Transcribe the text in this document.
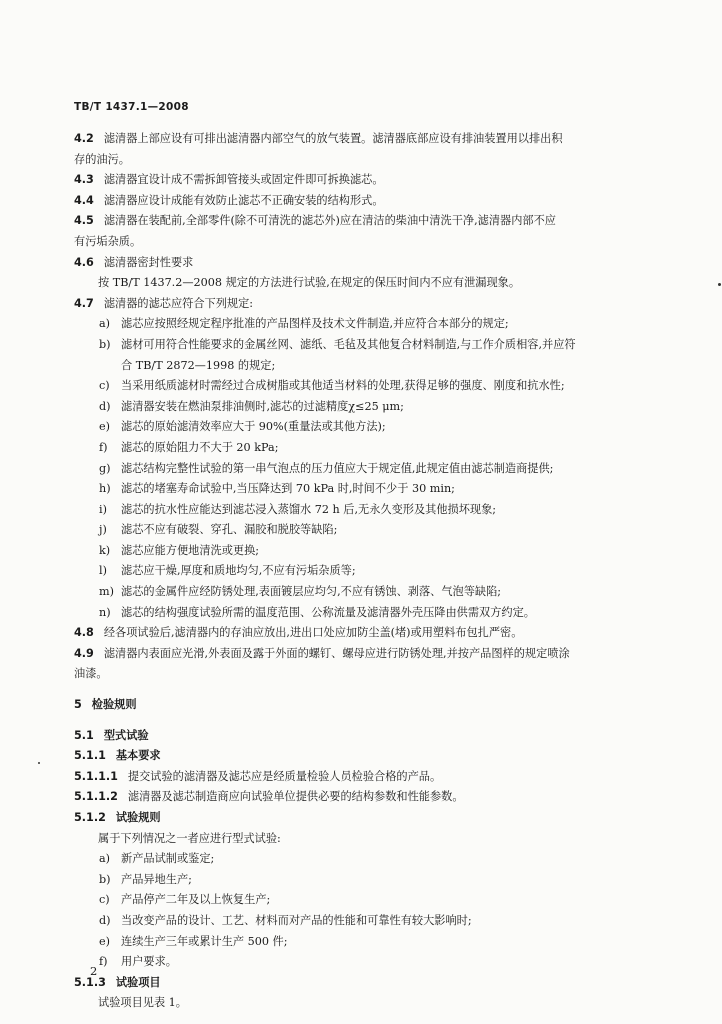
TB/T 1437.1—2008
4.2 滤清器上部应设有可排出滤清器内部空气的放气装置。滤清器底部应设有排油装置用以排出积
存的油污。
4.3 滤清器宜设计成不需拆卸管接头或固定件即可拆换滤芯。
4.4 滤清器应设计成能有效防止滤芯不正确安装的结构形式。
4.5 滤清器在装配前,全部零件(除不可清洗的滤芯外)应在清洁的柴油中清洗干净,滤清器内部不应
有污垢杂质。
4.6 滤清器密封性要求
按 TB/T 1437.2—2008 规定的方法进行试验,在规定的保压时间内不应有泄漏现象。
4.7 滤清器的滤芯应符合下列规定:
a) 滤芯应按照经规定程序批准的产品图样及技术文件制造,并应符合本部分的规定;
b) 滤材可用符合性能要求的金属丝网、滤纸、毛毡及其他复合材料制造,与工作介质相容,并应符
合 TB/T 2872—1998 的规定;
c) 当采用纸质滤材时需经过合成树脂或其他适当材料的处理,获得足够的强度、刚度和抗水性;
d) 滤清器安装在燃油泵排油侧时,滤芯的过滤精度χ≤25 μm;
e) 滤芯的原始滤清效率应大于 90%(重量法或其他方法);
f) 滤芯的原始阻力不大于 20 kPa;
g) 滤芯结构完整性试验的第一串气泡点的压力值应大于规定值,此规定值由滤芯制造商提供;
h) 滤芯的堵塞寿命试验中,当压降达到 70 kPa 时,时间不少于 30 min;
i) 滤芯的抗水性应能达到滤芯浸入蒸馏水 72 h 后,无永久变形及其他损坏现象;
j) 滤芯不应有破裂、穿孔、漏胶和脱胶等缺陷;
k) 滤芯应能方便地清洗或更换;
l) 滤芯应干燥,厚度和质地均匀,不应有污垢杂质等;
m) 滤芯的金属件应经防锈处理,表面镀层应均匀,不应有锈蚀、剥落、气泡等缺陷;
n) 滤芯的结构强度试验所需的温度范围、公称流量及滤清器外壳压降由供需双方约定。
4.8 经各项试验后,滤清器内的存油应放出,进出口处应加防尘盖(堵)或用塑料布包扎严密。
4.9 滤清器内表面应光滑,外表面及露于外面的螺钉、螺母应进行防锈处理,并按产品图样的规定喷涂
油漆。
5 检验规则
5.1 型式试验
5.1.1 基本要求
5.1.1.1 提交试验的滤清器及滤芯应是经质量检验人员检验合格的产品。
5.1.1.2 滤清器及滤芯制造商应向试验单位提供必要的结构参数和性能参数。
5.1.2 试验规则
属于下列情况之一者应进行型式试验:
a) 新产品试制或鉴定;
b) 产品异地生产;
c) 产品停产二年及以上恢复生产;
d) 当改变产品的设计、工艺、材料而对产品的性能和可靠性有较大影响时;
e) 连续生产三年或累计生产 500 件;
f) 用户要求。
5.1.3 试验项目
试验项目见表 1。
2
